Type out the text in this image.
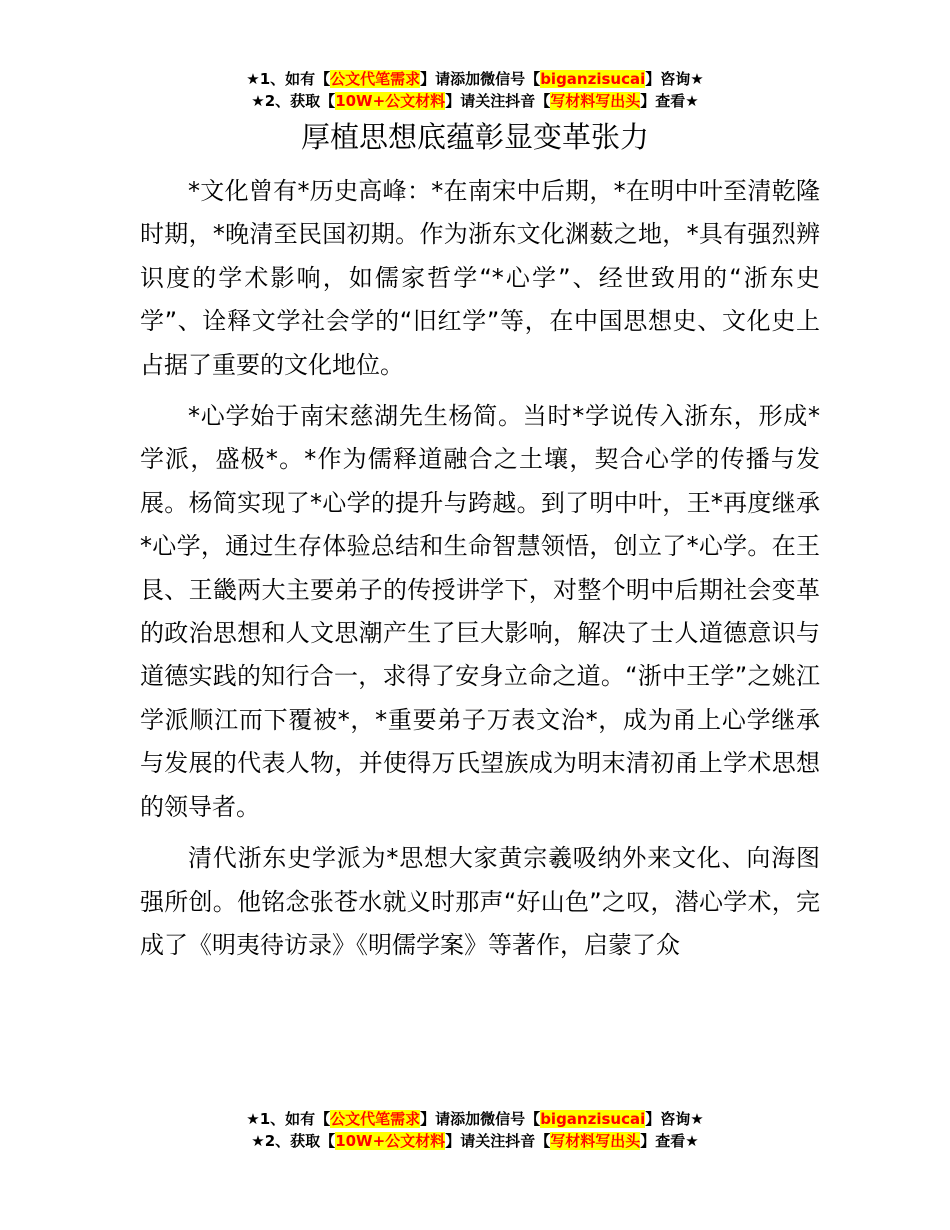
★1、如有【公文代笔需求】请添加微信号【biganzisucai】咨询★
★2、获取【10W+公文材料】请关注抖音【写材料写出头】查看★
厚植思想底蕴彰显变革张力

*文化曾有*历史高峰：*在南宋中后期，*在明中叶至清乾隆时期，*晚清至民国初期。作为浙东文化渊薮之地，*具有强烈辨识度的学术影响，如儒家哲学“*心学”、经世致用的“浙东史学”、诠释文学社会学的“旧红学”等，在中国思想史、文化史上占据了重要的文化地位。

*心学始于南宋慈湖先生杨简。当时*学说传入浙东，形成*学派，盛极*。*作为儒释道融合之土壤，契合心学的传播与发展。杨简实现了*心学的提升与跨越。到了明中叶，王*再度继承*心学，通过生存体验总结和生命智慧领悟，创立了*心学。在王艮、王畿两大主要弟子的传授讲学下，对整个明中后期社会变革的政治思想和人文思潮产生了巨大影响，解决了士人道德意识与道德实践的知行合一，求得了安身立命之道。“浙中王学”之姚江学派顺江而下覆被*，*重要弟子万表文治*，成为甬上心学继承与发展的代表人物，并使得万氏望族成为明末清初甬上学术思想的领导者。

清代浙东史学派为*思想大家黄宗羲吸纳外来文化、向海图强所创。他铭念张苍水就义时那声“好山色”之叹，潜心学术，完成了《明夷待访录》《明儒学案》等著作，启蒙了众

★1、如有【公文代笔需求】请添加微信号【biganzisucai】咨询★
★2、获取【10W+公文材料】请关注抖音【写材料写出头】查看★
